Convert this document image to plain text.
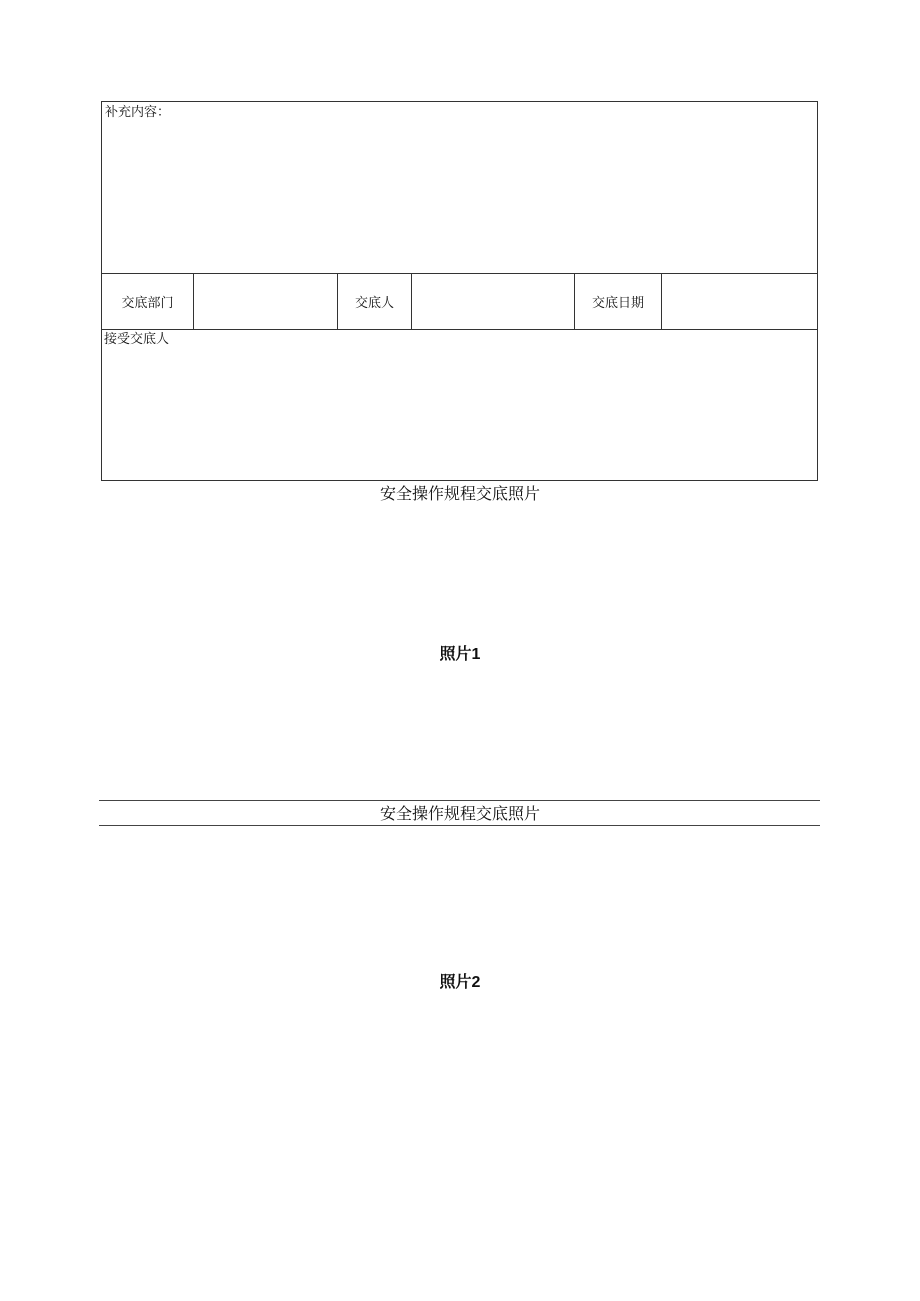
补充内容：
交底部门	交底人	交底日期
接受交底人
安全操作规程交底照片
照片1
安全操作规程交底照片
照片2
